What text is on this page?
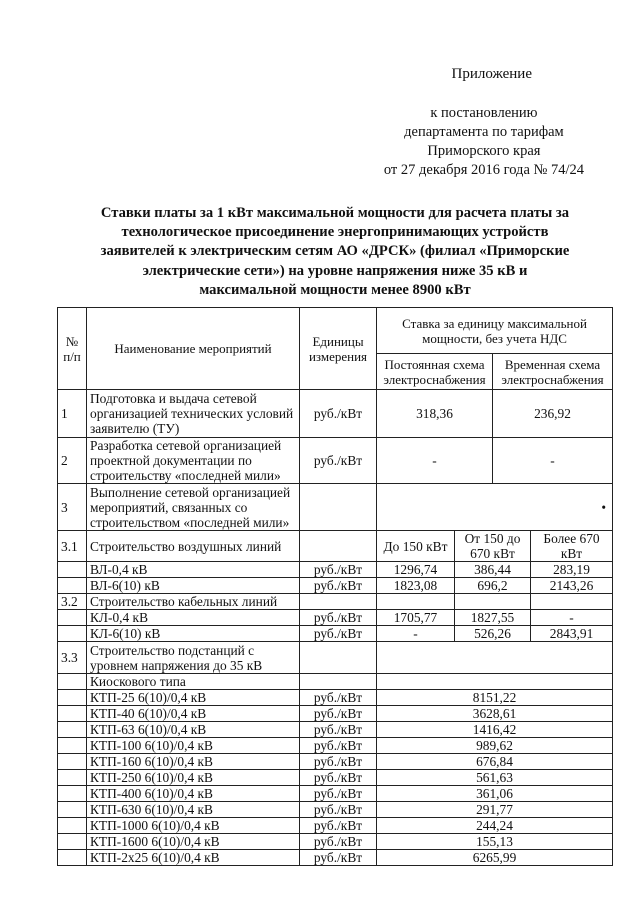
Приложение
к постановлению
департамента по тарифам
Приморского края
от 27 декабря 2016 года № 74/24
Ставки платы за 1 кВт максимальной мощности для расчета платы за
технологическое присоединение энергопринимающих устройств
заявителей к электрическим сетям АО «ДРСК» (филиал «Приморские
электрические сети») на уровне напряжения ниже 35 кВ и
максимальной мощности менее 8900 кВт
№ п/п	Наименование мероприятий	Единицы измерения	Ставка за единицу максимальной мощности, без учета НДС			
			Постоянная схема электроснабжения		Временная схема электроснабжения	
1	Подготовка и выдача сетевой организацией технических условий заявителю (ТУ)	руб./кВт	318,36		236,92	
2	Разработка сетевой организацией проектной документации по строительству «последней мили»	руб./кВт	-		-	
3	Выполнение сетевой организацией мероприятий, связанных со строительством «последней мили»		•			
3.1	Строительство воздушных линий		До 150 кВт	От 150 до 670 кВт		Более 670 кВт
	ВЛ-0,4 кВ	руб./кВт	1296,74	386,44		283,19
	ВЛ-6(10) кВ	руб./кВт	1823,08	696,2		2143,26
3.2	Строительство кабельных линий					
	КЛ-0,4 кВ	руб./кВт	1705,77	1827,55		-
	КЛ-6(10) кВ	руб./кВт	-	526,26		2843,91
3.3	Строительство подстанций с уровнем напряжения до 35 кВ					
	Киоскового типа					
	КТП-25 6(10)/0,4 кВ	руб./кВт	8151,22			
	КТП-40 6(10)/0,4 кВ	руб./кВт	3628,61			
	КТП-63 6(10)/0,4 кВ	руб./кВт	1416,42			
	КТП-100 6(10)/0,4 кВ	руб./кВт	989,62			
	КТП-160 6(10)/0,4 кВ	руб./кВт	676,84			
	КТП-250 6(10)/0,4 кВ	руб./кВт	561,63			
	КТП-400 6(10)/0,4 кВ	руб./кВт	361,06			
	КТП-630 6(10)/0,4 кВ	руб./кВт	291,77			
	КТП-1000 6(10)/0,4 кВ	руб./кВт	244,24			
	КТП-1600 6(10)/0,4 кВ	руб./кВт	155,13			
	КТП-2х25 6(10)/0,4 кВ	руб./кВт	6265,99			
